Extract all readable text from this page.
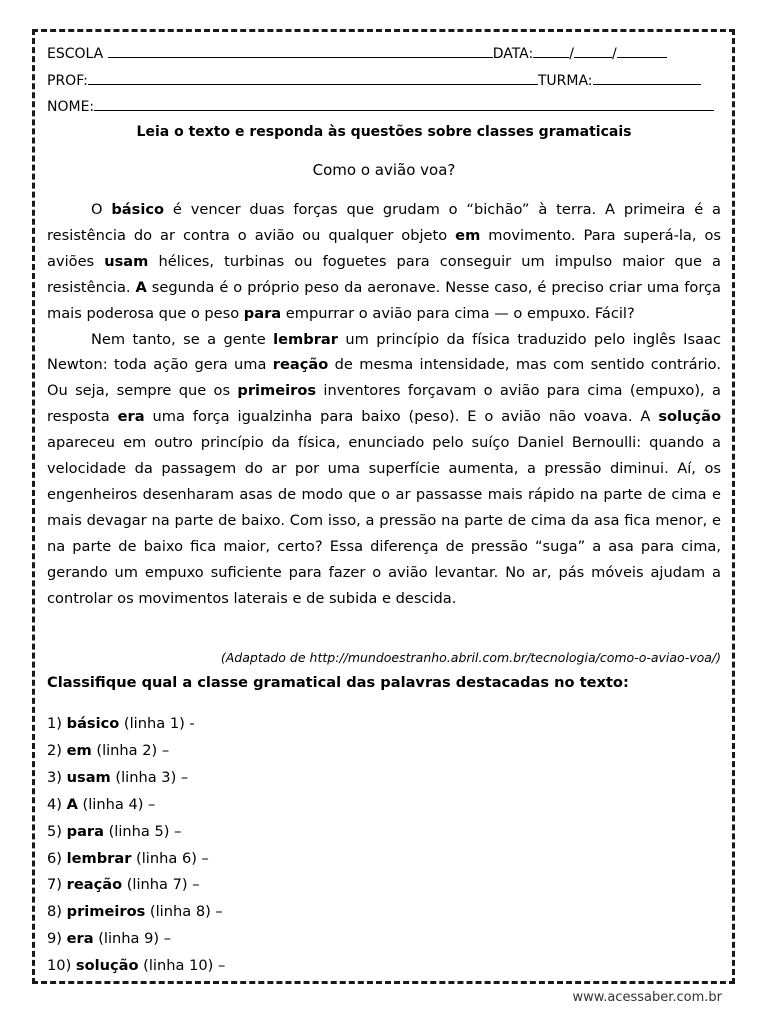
ESCOLA	DATA:	/	/
PROF:	TURMA:
NOME:
Leia o texto e responda às questões sobre classes gramaticais
Como o avião voa?

O básico é vencer duas forças que grudam o “bichão” à terra. A primeira é a resistência do ar contra o avião ou qualquer objeto em movimento. Para superá-la, os aviões usam hélices, turbinas ou foguetes para conseguir um impulso maior que a resistência. A segunda é o próprio peso da aeronave. Nesse caso, é preciso criar uma força mais poderosa que o peso para empurrar o avião para cima — o empuxo. Fácil?

Nem tanto, se a gente lembrar um princípio da física traduzido pelo inglês Isaac Newton: toda ação gera uma reação de mesma intensidade, mas com sentido contrário. Ou seja, sempre que os primeiros inventores forçavam o avião para cima (empuxo), a resposta era uma força igualzinha para baixo (peso). E o avião não voava. A solução apareceu em outro princípio da física, enunciado pelo suíço Daniel Bernoulli: quando a velocidade da passagem do ar por uma superfície aumenta, a pressão diminui. Aí, os engenheiros desenharam asas de modo que o ar passasse mais rápido na parte de cima e mais devagar na parte de baixo. Com isso, a pressão na parte de cima da asa fica menor, e na parte de baixo fica maior, certo? Essa diferença de pressão “suga” a asa para cima, gerando um empuxo suficiente para fazer o avião levantar. No ar, pás móveis ajudam a controlar os movimentos laterais e de subida e descida.

(Adaptado de http://mundoestranho.abril.com.br/tecnologia/como-o-aviao-voa/)
Classifique qual a classe gramatical das palavras destacadas no texto:
1) básico (linha 1) -
2) em (linha 2) –
3) usam (linha 3) –
4) A (linha 4) –
5) para (linha 5) –
6) lembrar (linha 6) –
7) reação (linha 7) –
8) primeiros (linha 8) –
9) era (linha 9) –
10) solução (linha 10) –
www.acessaber.com.br
